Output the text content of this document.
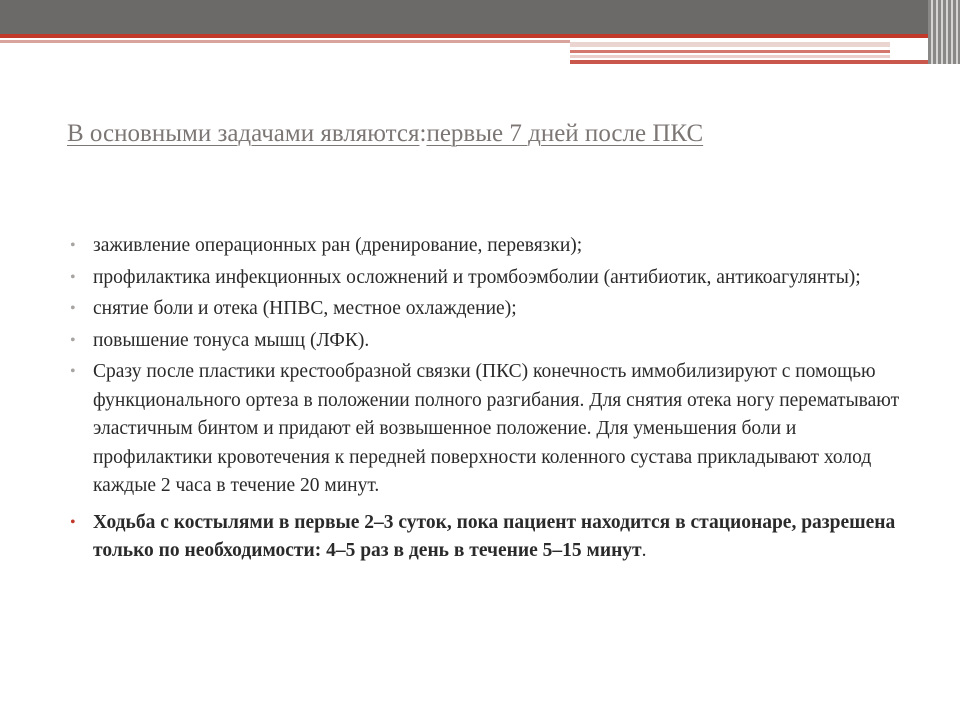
В основными задачами являются:первые 7 дней после ПКС
• заживление операционных ран (дренирование, перевязки);
• профилактика инфекционных осложнений и тромбоэмболии (антибиотик, антикоагулянты);
• снятие боли и отека (НПВС, местное охлаждение);
• повышение тонуса мышц (ЛФК).
• Сразу после пластики крестообразной связки (ПКС) конечность иммобилизируют с помощью функционального ортеза в положении полного разгибания. Для снятия отека ногу перематывают эластичным бинтом и придают ей возвышенное положение. Для уменьшения боли и профилактики кровотечения к передней поверхности коленного сустава прикладывают холод каждые 2 часа в течение 20 минут.
• Ходьба с костылями в первые 2–3 суток, пока пациент находится в стационаре, разрешена только по необходимости: 4–5 раз в день в течение 5–15 минут.
